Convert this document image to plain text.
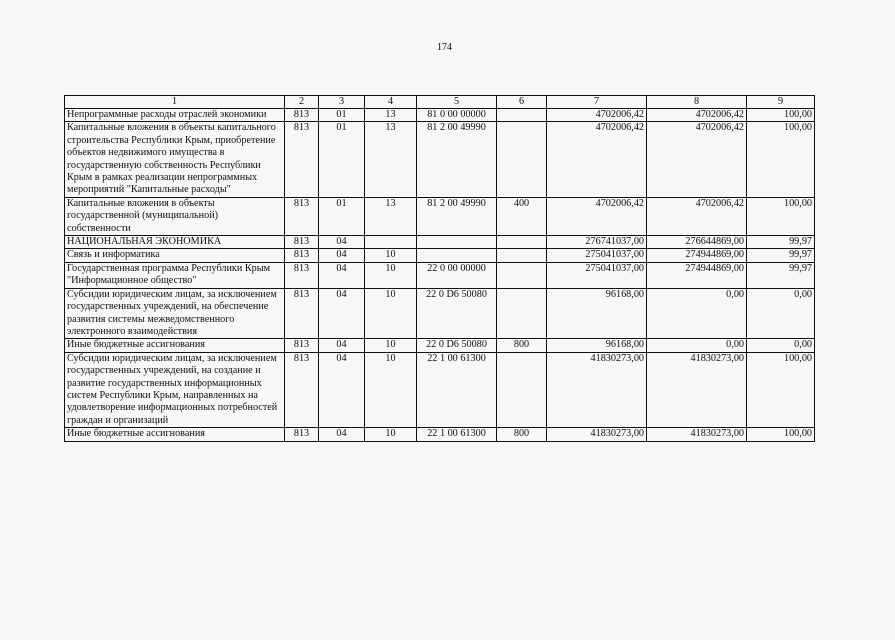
174
1	2	3	4	5	6	7	8	9
Непрограммные расходы отраслей экономики	813	01	13	81 0 00 00000		4702006,42	4702006,42	100,00
Капитальные вложения в объекты капитального строительства Республики Крым, приобретение объектов недвижимого имущества в государственную собственность Республики Крым в рамках реализации непрограммных мероприятий "Капитальные расходы"	813	01	13	81 2 00 49990		4702006,42	4702006,42	100,00
Капитальные вложения в объекты государственной (муниципальной) собственности	813	01	13	81 2 00 49990	400	4702006,42	4702006,42	100,00
НАЦИОНАЛЬНАЯ ЭКОНОМИКА	813	04				276741037,00	276644869,00	99,97
Связь и информатика	813	04	10			275041037,00	274944869,00	99,97
Государственная программа Республики Крым "Информационное общество"	813	04	10	22 0 00 00000		275041037,00	274944869,00	99,97
Субсидии юридическим лицам, за исключением государственных учреждений, на обеспечение развития системы межведомственного электронного взаимодействия	813	04	10	22 0 D6 50080		96168,00	0,00	0,00
Иные бюджетные ассигнования	813	04	10	22 0 D6 50080	800	96168,00	0,00	0,00
Субсидии юридическим лицам, за исключением государственных учреждений, на создание и развитие государственных информационных систем Республики Крым, направленных на удовлетворение информационных потребностей граждан и организаций	813	04	10	22 1 00 61300		41830273,00	41830273,00	100,00
Иные бюджетные ассигнования	813	04	10	22 1 00 61300	800	41830273,00	41830273,00	100,00
